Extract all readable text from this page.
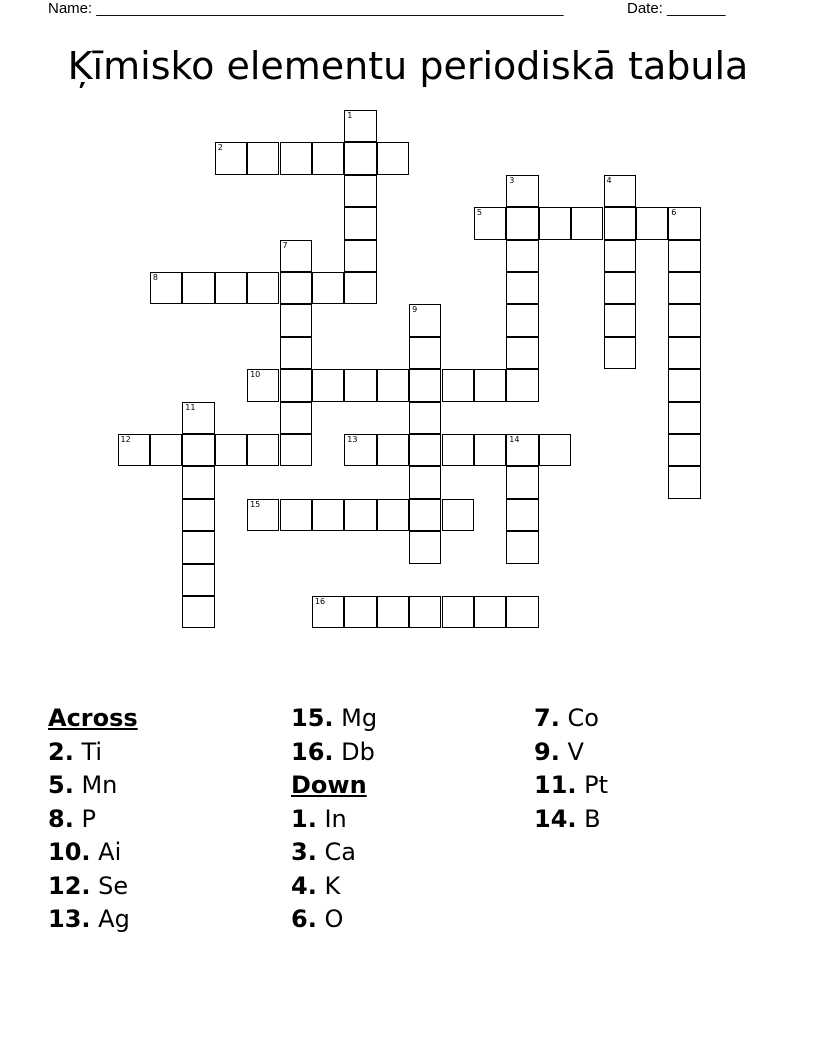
Name: ________________________________________________________	Date: _______
Ķīmisko elementu periodiskā tabula
1
2
3	4
5	6
7
8
9
10
11
12	13	14
15
16
Across
2. Ti
5. Mn
8. P
10. Ai
12. Se
13. Ag
15. Mg
16. Db
Down
1. In
3. Ca
4. K
6. O
7. Co
9. V
11. Pt
14. B
